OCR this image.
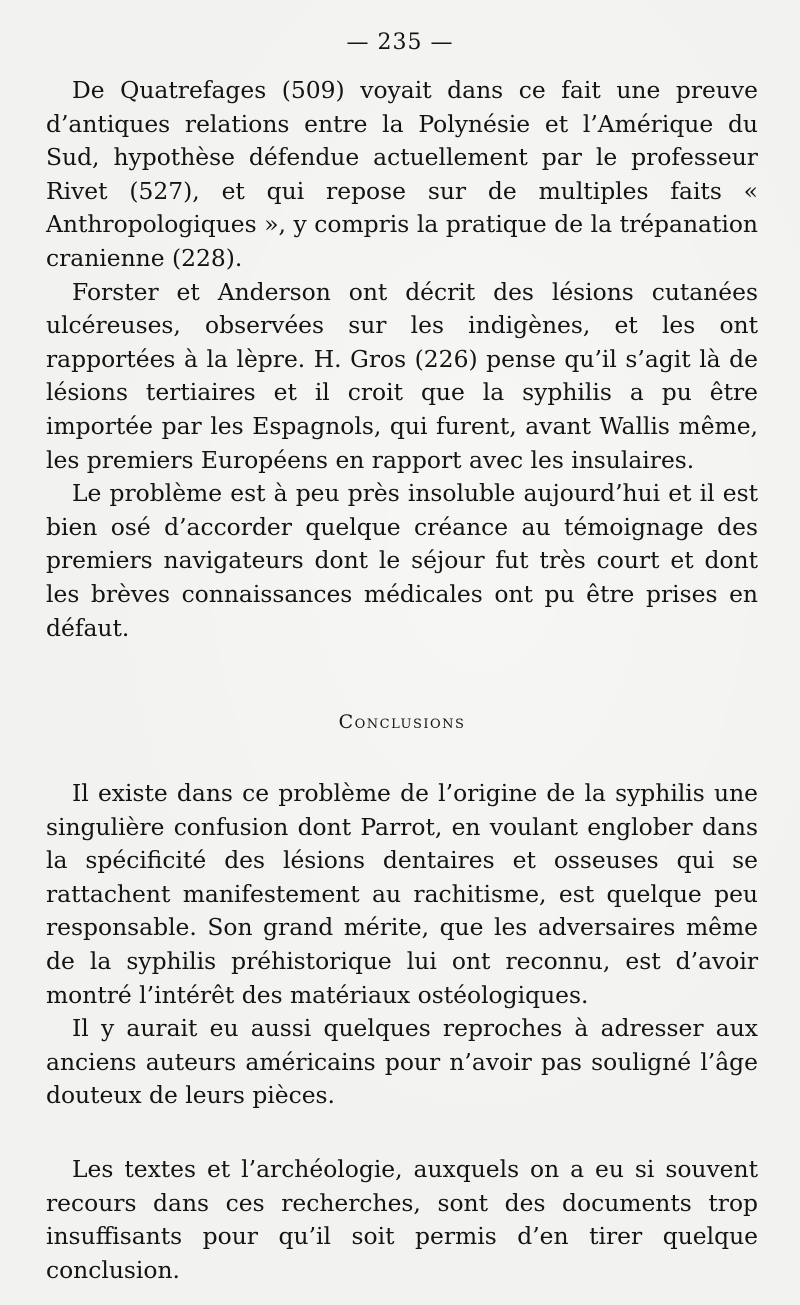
— 235 —

De Quatrefages (509) voyait dans ce fait une preuve d’antiques relations entre la Polynésie et l’Amérique du Sud, hypothèse défendue actuellement par le professeur Rivet (527), et qui repose sur de multiples faits « Anthropologiques », y compris la pratique de la trépanation cranienne (228).

Forster et Anderson ont décrit des lésions cutanées ulcéreuses, observées sur les indigènes, et les ont rapportées à la lèpre. H. Gros (226) pense qu’il s’agit là de lésions tertiaires et il croit que la syphilis a pu être importée par les Espagnols, qui furent, avant Wallis même, les premiers Européens en rapport avec les insulaires.

Le problème est à peu près insoluble aujourd’hui et il est bien osé d’accorder quelque créance au témoignage des premiers navigateurs dont le séjour fut très court et dont les brèves connaissances médicales ont pu être prises en défaut.

Conclusions

Il existe dans ce problème de l’origine de la syphilis une singulière confusion dont Parrot, en voulant englober dans la spécificité des lésions dentaires et osseuses qui se rattachent manifestement au rachitisme, est quelque peu responsable. Son grand mérite, que les adversaires même de la syphilis préhistorique lui ont reconnu, est d’avoir montré l’intérêt des matériaux ostéologiques.

Il y aurait eu aussi quelques reproches à adresser aux anciens auteurs américains pour n’avoir pas souligné l’âge douteux de leurs pièces.

Les textes et l’archéologie, auxquels on a eu si souvent recours dans ces recherches, sont des documents trop insuffisants pour qu’il soit permis d’en tirer quelque conclusion.
